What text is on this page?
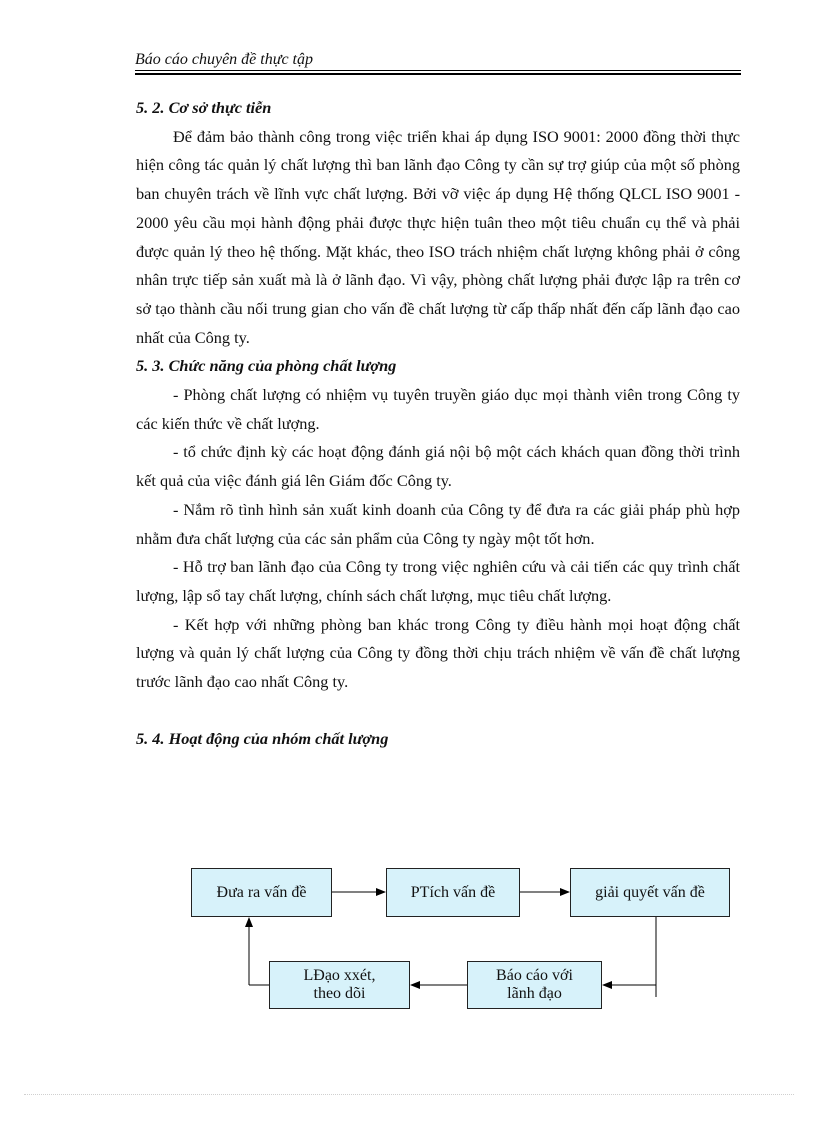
Báo cáo chuyên đề thực tập

5. 2. Cơ sở thực tiễn

Để đảm bảo thành công trong việc triển khai áp dụng ISO 9001: 2000 đồng thời thực hiện công tác quản lý chất lượng thì ban lãnh đạo Công ty cần sự trợ giúp của một số phòng ban chuyên trách về lĩnh vực chất lượng. Bởi vỡ việc áp dụng Hệ thống QLCL ISO 9001 - 2000 yêu cầu mọi hành động phải được thực hiện tuân theo một tiêu chuẩn cụ thể và phải được quản lý theo hệ thống. Mặt khác, theo ISO trách nhiệm chất lượng không phải ở công nhân trực tiếp sản xuất mà là ở lãnh đạo. Vì vậy, phòng chất lượng phải được lập ra trên cơ sở tạo thành cầu nối trung gian cho vấn đề chất lượng từ cấp thấp nhất đến cấp lãnh đạo cao nhất của Công ty.

5. 3. Chức năng của phòng chất lượng

- Phòng chất lượng có nhiệm vụ tuyên truyền giáo dục mọi thành viên trong Công ty các kiến thức về chất lượng.

- tổ chức định kỳ các hoạt động đánh giá nội bộ một cách khách quan đồng thời trình kết quả của việc đánh giá lên Giám đốc Công ty.

- Nắm rõ tình hình sản xuất kinh doanh của Công ty để đưa ra các giải pháp phù hợp nhằm đưa chất lượng của các sản phẩm của Công ty ngày một tốt hơn.

- Hỗ trợ ban lãnh đạo của Công ty trong việc nghiên cứu và cải tiến các quy trình chất lượng, lập sổ tay chất lượng, chính sách chất lượng, mục tiêu chất lượng.

- Kết hợp với những phòng ban khác trong Công ty điều hành mọi hoạt động chất lượng và quản lý chất lượng của Công ty đồng thời chịu trách nhiệm về vấn đề chất lượng trước lãnh đạo cao nhất Công ty.

5. 4. Hoạt động của nhóm chất lượng

Đưa ra vấn đề	PTích vấn đề	giải quyết vấn đề
Báo cáo với
lãnh đạo
LĐạo xxét,
theo dõi
